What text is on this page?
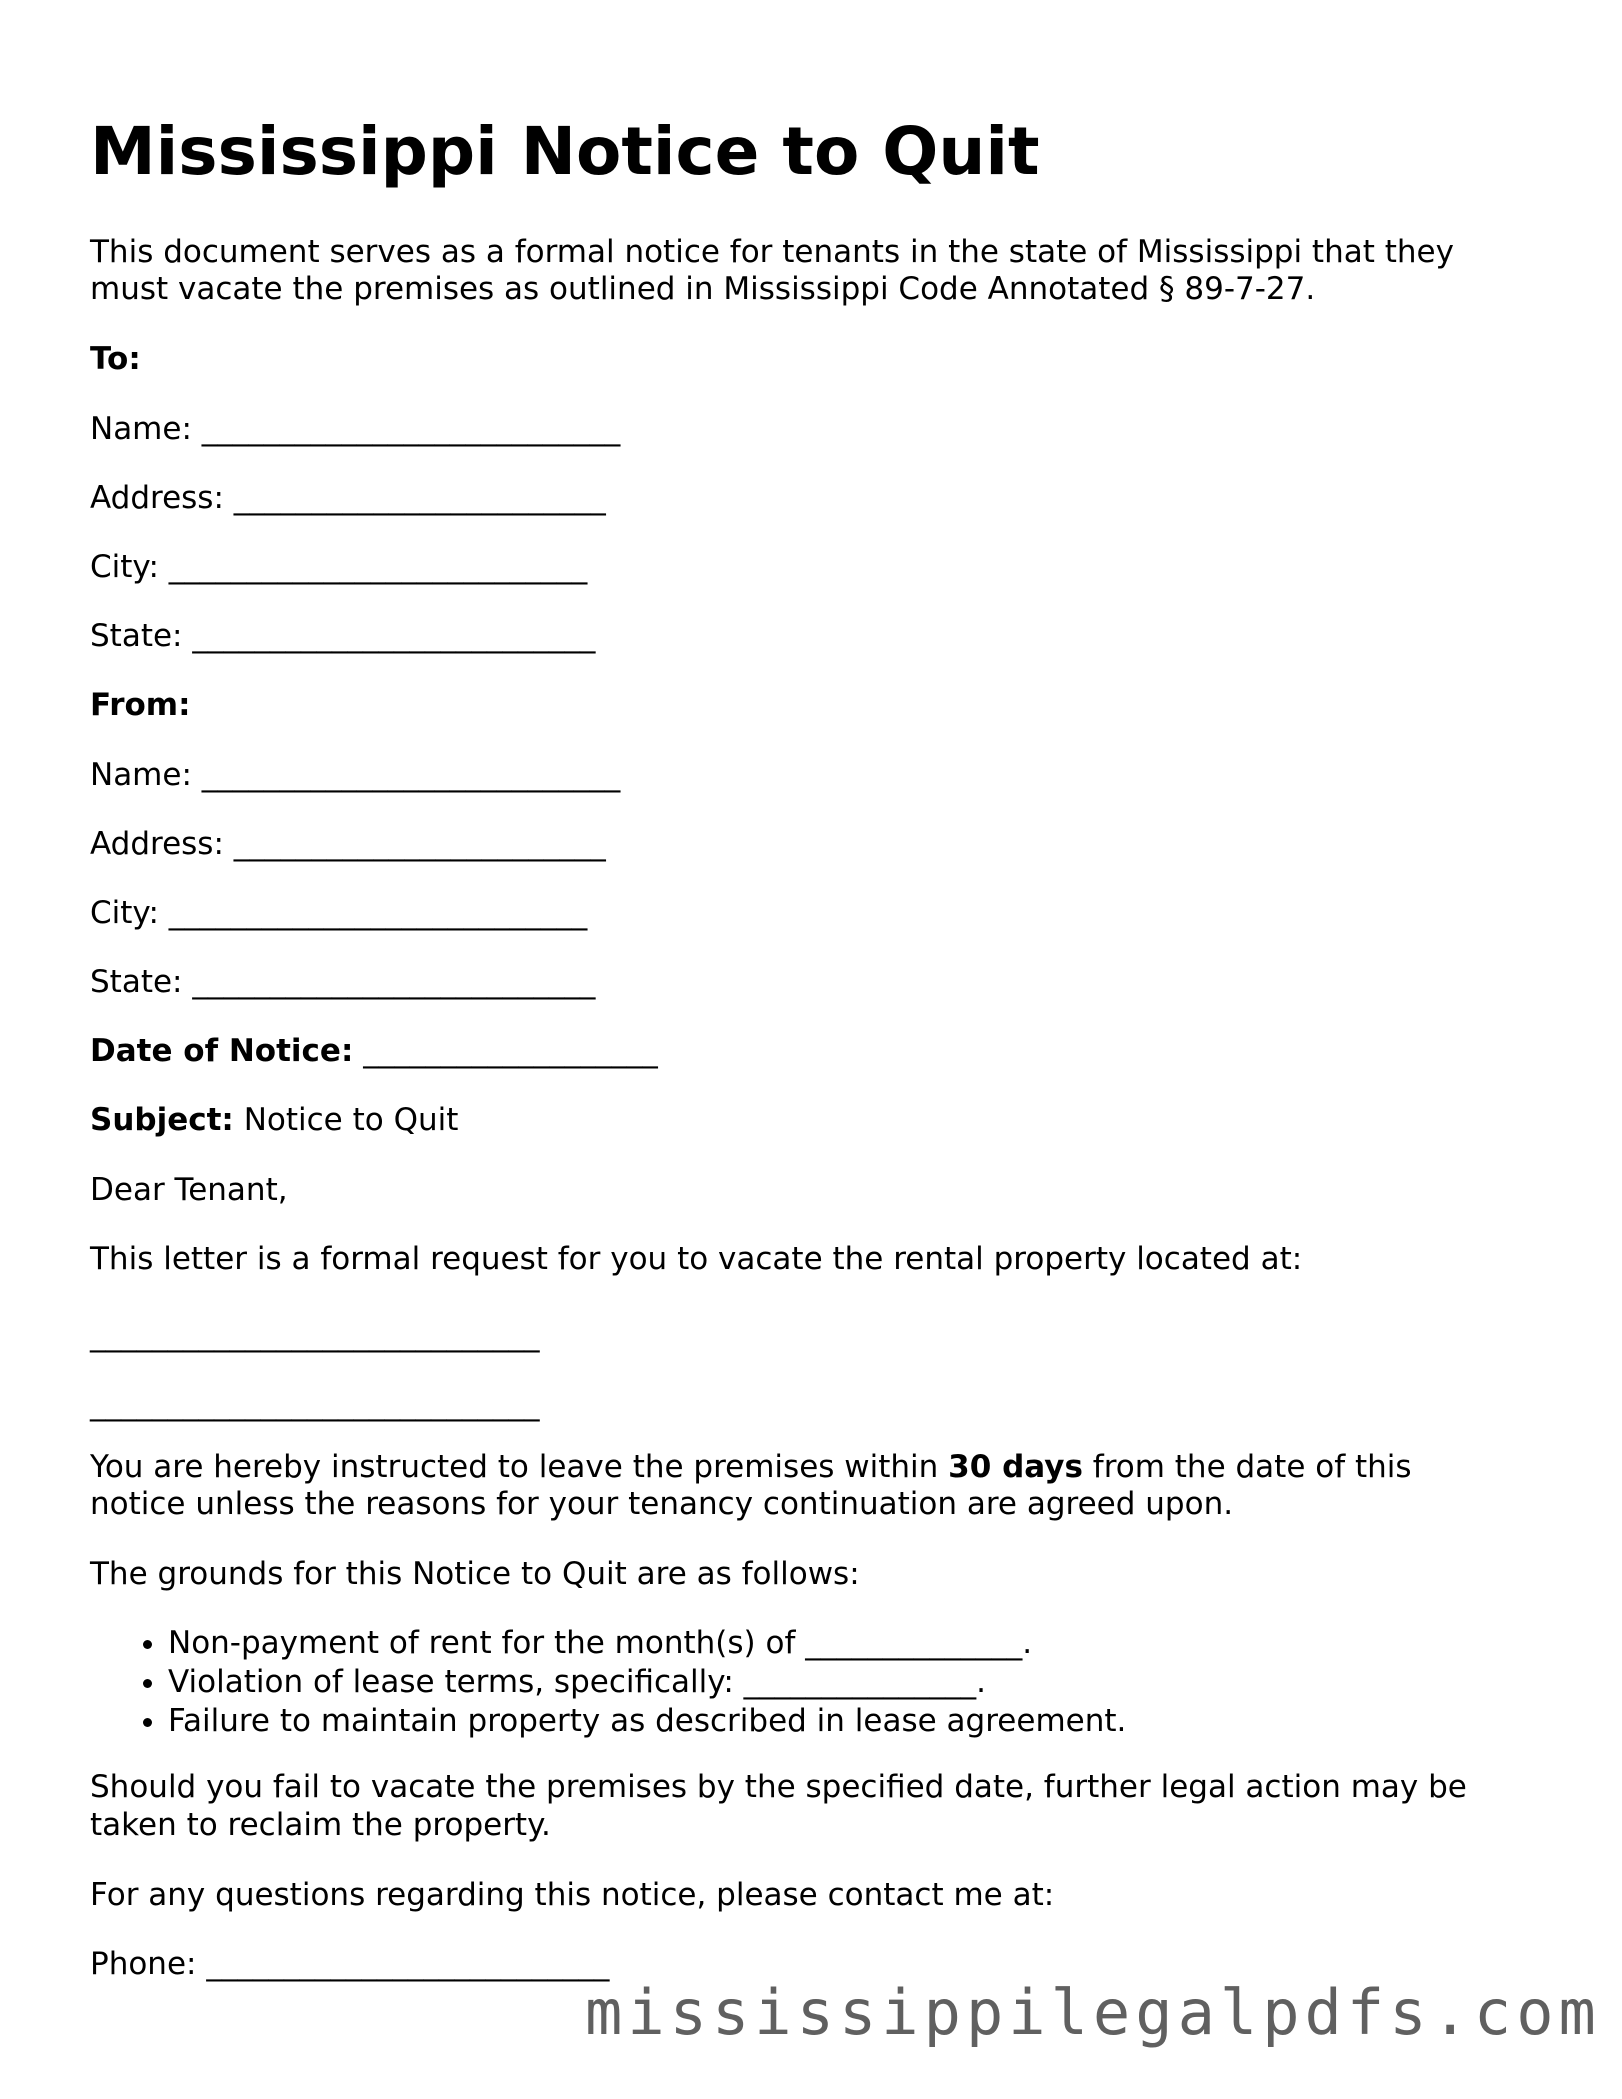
Mississippi Notice to Quit
This document serves as a formal notice for tenants in the state of Mississippi that they
must vacate the premises as outlined in Mississippi Code Annotated § 89-7-27.
To:
Name: ___________________________
Address: ________________________
City: ___________________________
State: __________________________
From:
Name: ___________________________
Address: ________________________
City: ___________________________
State: __________________________
Date of Notice: ___________________
Subject: Notice to Quit
Dear Tenant,
This letter is a formal request for you to vacate the rental property located at:
_____________________________
_____________________________
You are hereby instructed to leave the premises within 30 days from the date of this
notice unless the reasons for your tenancy continuation are agreed upon.
The grounds for this Notice to Quit are as follows:
• Non-payment of rent for the month(s) of ______________.
• Violation of lease terms, specifically: _______________.
• Failure to maintain property as described in lease agreement.
Should you fail to vacate the premises by the specified date, further legal action may be
taken to reclaim the property.
For any questions regarding this notice, please contact me at:
Phone: __________________________
mississippilegalpdfs.com
